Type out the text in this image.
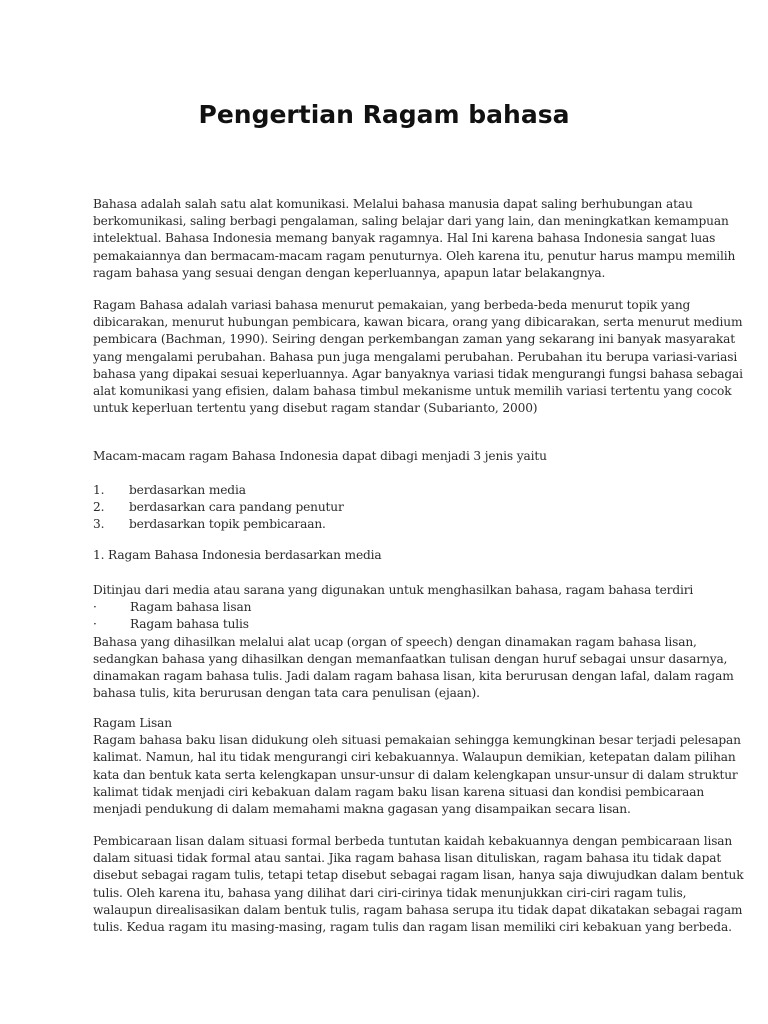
Pengertian Ragam bahasa
Bahasa adalah salah satu alat komunikasi. Melalui bahasa manusia dapat saling berhubungan atau
berkomunikasi, saling berbagi pengalaman, saling belajar dari yang lain, dan meningkatkan kemampuan
intelektual. Bahasa Indonesia memang banyak ragamnya. Hal Ini karena bahasa Indonesia sangat luas
pemakaiannya dan bermacam-macam ragam penuturnya. Oleh karena itu, penutur harus mampu memilih
ragam bahasa yang sesuai dengan dengan keperluannya, apapun latar belakangnya.
Ragam Bahasa adalah variasi bahasa menurut pemakaian, yang berbeda-beda menurut topik yang
dibicarakan, menurut hubungan pembicara, kawan bicara, orang yang dibicarakan, serta menurut medium
pembicara (Bachman, 1990). Seiring dengan perkembangan zaman yang sekarang ini banyak masyarakat
yang mengalami perubahan. Bahasa pun juga mengalami perubahan. Perubahan itu berupa variasi-variasi
bahasa yang dipakai sesuai keperluannya. Agar banyaknya variasi tidak mengurangi fungsi bahasa sebagai
alat komunikasi yang efisien, dalam bahasa timbul mekanisme untuk memilih variasi tertentu yang cocok
untuk keperluan tertentu yang disebut ragam standar (Subarianto, 2000)
Macam-macam ragam Bahasa Indonesia dapat dibagi menjadi 3 jenis yaitu
1. berdasarkan media
2. berdasarkan cara pandang penutur
3. berdasarkan topik pembicaraan.
1. Ragam Bahasa Indonesia berdasarkan media
Ditinjau dari media atau sarana yang digunakan untuk menghasilkan bahasa, ragam bahasa terdiri
·	Ragam bahasa lisan
·	Ragam bahasa tulis
Bahasa yang dihasilkan melalui alat ucap (organ of speech) dengan dinamakan ragam bahasa lisan,
sedangkan bahasa yang dihasilkan dengan memanfaatkan tulisan dengan huruf sebagai unsur dasarnya,
dinamakan ragam bahasa tulis. Jadi dalam ragam bahasa lisan, kita berurusan dengan lafal, dalam ragam
bahasa tulis, kita berurusan dengan tata cara penulisan (ejaan).
Ragam Lisan
Ragam bahasa baku lisan didukung oleh situasi pemakaian sehingga kemungkinan besar terjadi pelesapan
kalimat. Namun, hal itu tidak mengurangi ciri kebakuannya. Walaupun demikian, ketepatan dalam pilihan
kata dan bentuk kata serta kelengkapan unsur-unsur di dalam kelengkapan unsur-unsur di dalam struktur
kalimat tidak menjadi ciri kebakuan dalam ragam baku lisan karena situasi dan kondisi pembicaraan
menjadi pendukung di dalam memahami makna gagasan yang disampaikan secara lisan.
Pembicaraan lisan dalam situasi formal berbeda tuntutan kaidah kebakuannya dengan pembicaraan lisan
dalam situasi tidak formal atau santai. Jika ragam bahasa lisan dituliskan, ragam bahasa itu tidak dapat
disebut sebagai ragam tulis, tetapi tetap disebut sebagai ragam lisan, hanya saja diwujudkan dalam bentuk
tulis. Oleh karena itu, bahasa yang dilihat dari ciri-cirinya tidak menunjukkan ciri-ciri ragam tulis,
walaupun direalisasikan dalam bentuk tulis, ragam bahasa serupa itu tidak dapat dikatakan sebagai ragam
tulis. Kedua ragam itu masing-masing, ragam tulis dan ragam lisan memiliki ciri kebakuan yang berbeda.
